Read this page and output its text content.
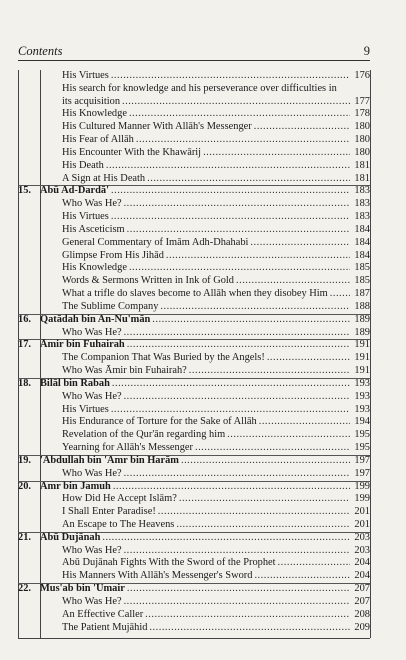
Contents	9
His Virtues .....	176
His search for knowledge and his perseverance over difficulties in
its acquisition .....	177
His Knowledge .....	178
His Cultured Manner With Allāh's Messenger .....	180
His Fear of Allāh .....	180
His Encounter With the Khawārij .....	180
His Death .....	181
A Sign at His Death .....	181
15. Abū Ad-Dardā' .....	183
Who Was He? .....	183
His Virtues .....	183
His Asceticism .....	184
General Commentary of Imām Adh-Dhahabi .....	184
Glimpse From His Jihād .....	184
His Knowledge .....	185
Words & Sermons Written in Ink of Gold .....	185
What a trifle do slaves become to Allāh when they disobey Him .....	187
The Sublime Company .....	188
16. Qatādah bin An-Nu'mān .....	189
Who Was He? .....	189
17. Āmir bin Fuhairah .....	191
The Companion That Was Buried by the Angels! .....	191
Who Was Āmir bin Fuhairah? .....	191
18. Bilāl bin Rabah .....	193
Who Was He? .....	193
His Virtues .....	193
His Endurance of Torture for the Sake of Allāh .....	194
Revelation of the Qur'ān regarding him .....	195
Yearning for Allāh's Messenger .....	195
19. 'Abdullah bin 'Amr bin Harām .....	197
Who Was He? .....	197
20. Amr bin Jamuh .....	199
How Did He Accept Islām? .....	199
I Shall Enter Paradise! .....	201
An Escape to The Heavens .....	201
21. Abū Dujānah .....	203
Who Was He? .....	203
Abū Dujānah Fights With the Sword of the Prophet .....	204
His Manners With Allāh's Messenger's Sword .....	204
22. Mus'ab bin 'Umair .....	207
Who Was He? .....	207
An Effective Caller .....	208
The Patient Mujāhid .....	209
